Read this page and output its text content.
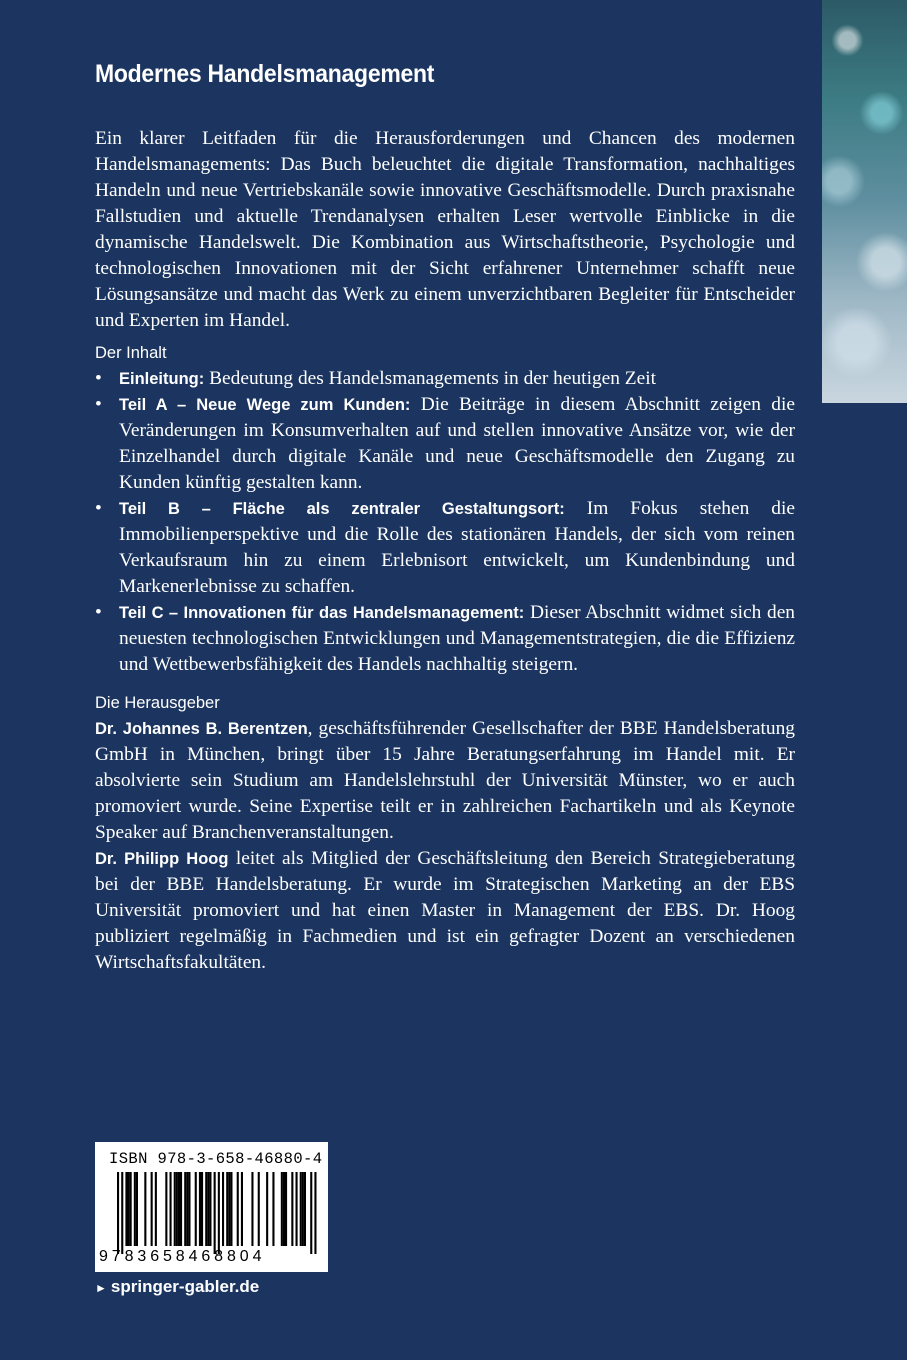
Modernes Handelsmanagement

Ein klarer Leitfaden für die Herausforderungen und Chancen des modernen Handelsmanagements: Das Buch beleuchtet die digitale Transformation, nachhaltiges Handeln und neue Vertriebskanäle sowie innovative Geschäftsmodelle. Durch praxisnahe Fallstudien und aktuelle Trendanalysen erhalten Leser wertvolle Einblicke in die dynamische Handelswelt. Die Kombination aus Wirtschaftstheorie, Psychologie und technologischen Innovationen mit der Sicht erfahrener Unternehmer schafft neue Lösungsansätze und macht das Werk zu einem unverzichtbaren Begleiter für Entscheider und Experten im Handel.

Der Inhalt
• Einleitung: Bedeutung des Handelsmanagements in der heutigen Zeit
• Teil A – Neue Wege zum Kunden: Die Beiträge in diesem Abschnitt zeigen die Veränderungen im Konsumverhalten auf und stellen innovative Ansätze vor, wie der Einzelhandel durch digitale Kanäle und neue Geschäftsmodelle den Zugang zu Kunden künftig gestalten kann.
• Teil B – Fläche als zentraler Gestaltungsort: Im Fokus stehen die Immobilienperspektive und die Rolle des stationären Handels, der sich vom reinen Verkaufsraum hin zu einem Erlebnisort entwickelt, um Kundenbindung und Markenerlebnisse zu schaffen.
• Teil C – Innovationen für das Handelsmanagement: Dieser Abschnitt widmet sich den neuesten technologischen Entwicklungen und Managementstrategien, die die Effizienz und Wettbewerbsfähigkeit des Handels nachhaltig steigern.
Die Herausgeber

Dr. Johannes B. Berentzen, geschäftsführender Gesellschafter der BBE Handelsberatung GmbH in München, bringt über 15 Jahre Beratungserfahrung im Handel mit. Er absolvierte sein Studium am Handelslehrstuhl der Universität Münster, wo er auch promoviert wurde. Seine Expertise teilt er in zahlreichen Fachartikeln und als Keynote Speaker auf Branchenveranstaltungen.

Dr. Philipp Hoog leitet als Mitglied der Geschäftsleitung den Bereich Strategieberatung bei der BBE Handelsberatung. Er wurde im Strategischen Marketing an der EBS Universität promoviert und hat einen Master in Management der EBS. Dr. Hoog publiziert regelmäßig in Fachmedien und ist ein gefragter Dozent an verschiedenen Wirtschaftsfakultäten.

ISBN 978-3-658-46880-4
9783658468804
► springer-gabler.de
